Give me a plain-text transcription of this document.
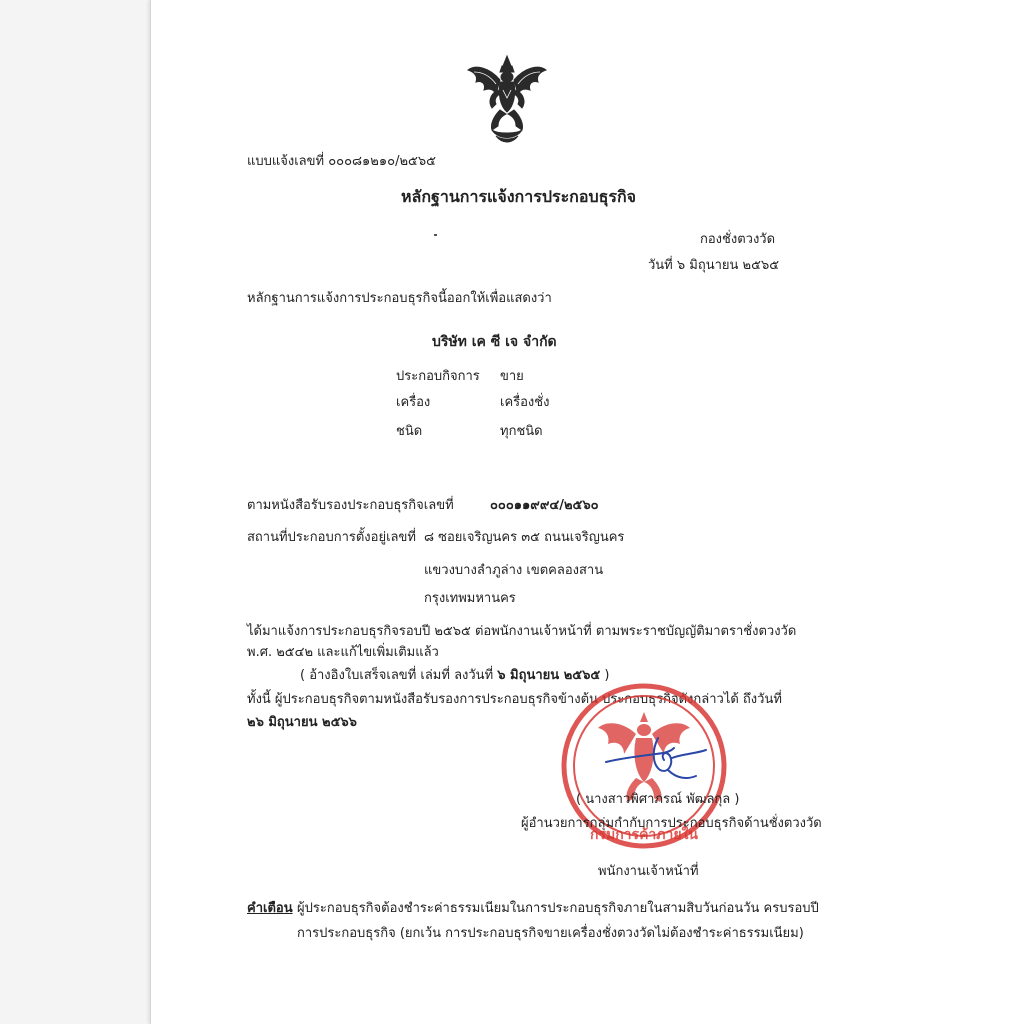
แบบแจ้งเลขที่ ๐๐๐๘๑๒๑๐/๒๕๖๕
หลักฐานการแจ้งการประกอบธุรกิจ
กองชั่งตวงวัด
วันที่ ๖ มิถุนายน ๒๕๖๕
หลักฐานการแจ้งการประกอบธุรกิจนี้ออกให้เพื่อแสดงว่า
บริษัท เค ซี เจ จำกัด
ประกอบกิจการ ขาย
เครื่อง	เครื่องชั่ง
ชนิด	ทุกชนิด
ตามหนังสือรับรองประกอบธุรกิจเลขที่	๐๐๐๑๑๙๙๔/๒๕๖๐
สถานที่ประกอบการตั้งอยู่เลขที่ ๘ ซอยเจริญนคร ๓๕ ถนนเจริญนคร
แขวงบางลำภูล่าง เขตคลองสาน
กรุงเทพมหานคร
ได้มาแจ้งการประกอบธุรกิจรอบปี ๒๕๖๕ ต่อพนักงานเจ้าหน้าที่ ตามพระราชบัญญัติมาตราชั่งตวงวัด
พ.ศ. ๒๕๔๒ และแก้ไขเพิ่มเติมแล้ว
( อ้างอิงใบเสร็จเลขที่ เล่มที่ ลงวันที่ ๖ มิถุนายน ๒๕๖๕ )
ทั้งนี้ ผู้ประกอบธุรกิจตามหนังสือรับรองการประกอบธุรกิจข้างต้น ประกอบธุรกิจดังกล่าวได้ ถึงวันที่
๒๖ มิถุนายน ๒๕๖๖
กรมการค้าภายใน
( นางสาวพิศาภรณ์ พัฒลกุล )
ผู้อำนวยการกลุ่มกำกับการประกอบธุรกิจด้านชั่งตวงวัด
พนักงานเจ้าหน้าที่
คำเตือน ผู้ประกอบธุรกิจต้องชำระค่าธรรมเนียมในการประกอบธุรกิจภายในสามสิบวันก่อนวัน ครบรอบปี
การประกอบธุรกิจ (ยกเว้น การประกอบธุรกิจขายเครื่องชั่งตวงวัดไม่ต้องชำระค่าธรรมเนียม)
